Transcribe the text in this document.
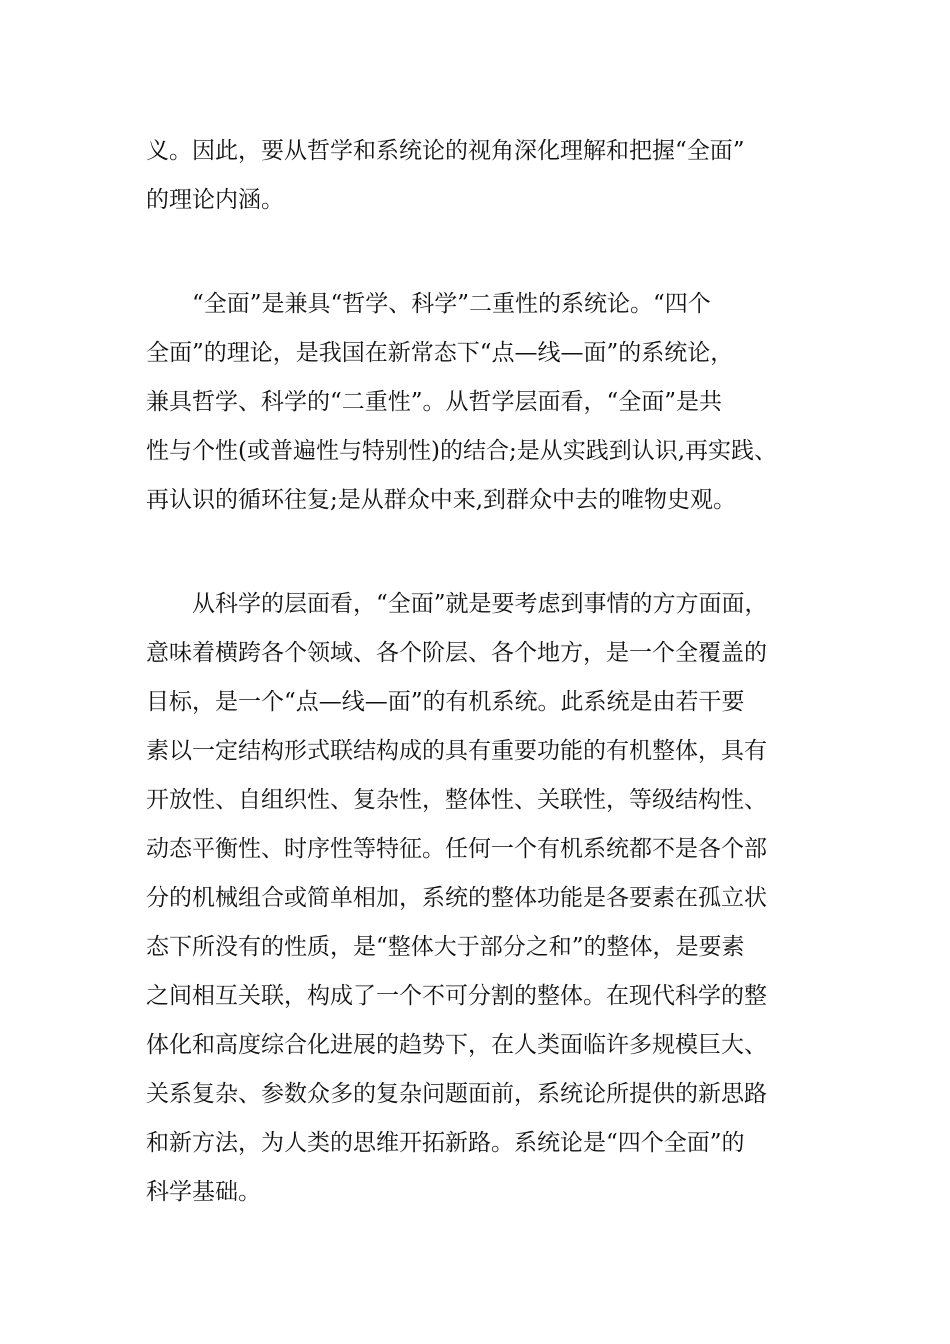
义。因此，要从哲学和系统论的视角深化理解和把握“全面”
的理论内涵。
“全面”是兼具“哲学、科学”二重性的系统论。“四个
全面”的理论，是我国在新常态下“点—线—面”的系统论，
兼具哲学、科学的“二重性”。从哲学层面看，“全面”是共
性与个性(或普遍性与特别性)的结合;是从实践到认识,再实践、
再认识的循环往复;是从群众中来,到群众中去的唯物史观。
从科学的层面看，“全面”就是要考虑到事情的方方面面，
意味着横跨各个领域、各个阶层、各个地方，是一个全覆盖的
目标，是一个“点—线—面”的有机系统。此系统是由若干要
素以一定结构形式联结构成的具有重要功能的有机整体，具有
开放性、自组织性、复杂性，整体性、关联性，等级结构性、
动态平衡性、时序性等特征。任何一个有机系统都不是各个部
分的机械组合或简单相加，系统的整体功能是各要素在孤立状
态下所没有的性质，是“整体大于部分之和”的整体，是要素
之间相互关联，构成了一个不可分割的整体。在现代科学的整
体化和高度综合化进展的趋势下，在人类面临许多规模巨大、
关系复杂、参数众多的复杂问题面前，系统论所提供的新思路
和新方法，为人类的思维开拓新路。系统论是“四个全面”的
科学基础。
